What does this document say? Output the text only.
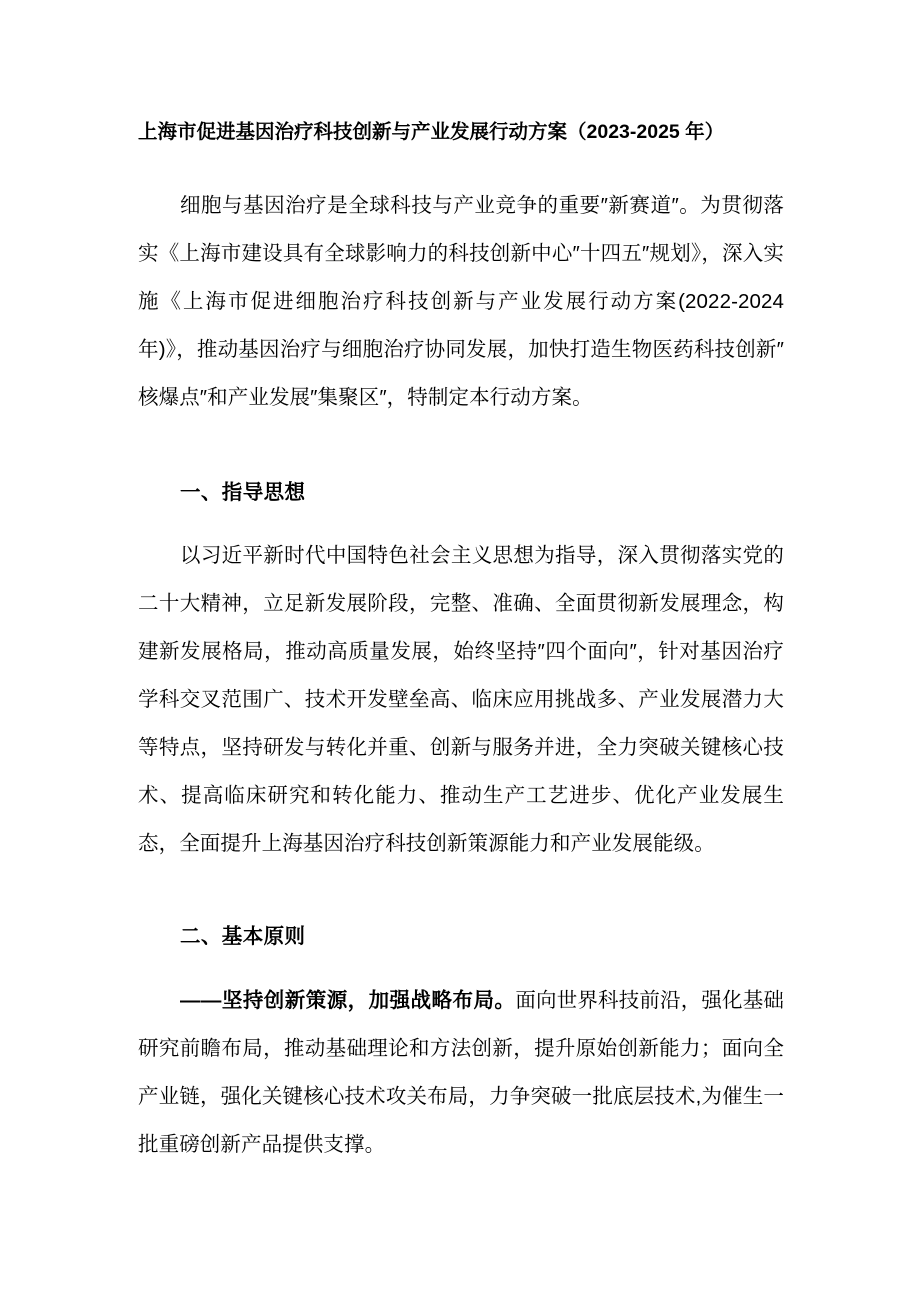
上海市促进基因治疗科技创新与产业发展行动方案（2023-2025 年）

细胞与基因治疗是全球科技与产业竞争的重要″新赛道″。为贯彻落实《上海市建设具有全球影响力的科技创新中心″十四五″规划》，深入实施《上海市促进细胞治疗科技创新与产业发展行动方案(2022-2024 年)》，推动基因治疗与细胞治疗协同发展，加快打造生物医药科技创新″核爆点″和产业发展″集聚区″，特制定本行动方案。

一、指导思想

以习近平新时代中国特色社会主义思想为指导，深入贯彻落实党的二十大精神，立足新发展阶段，完整、准确、全面贯彻新发展理念，构建新发展格局，推动高质量发展，始终坚持″四个面向″，针对基因治疗学科交叉范围广、技术开发壁垒高、临床应用挑战多、产业发展潜力大等特点，坚持研发与转化并重、创新与服务并进，全力突破关键核心技术、提高临床研究和转化能力、推动生产工艺进步、优化产业发展生态，全面提升上海基因治疗科技创新策源能力和产业发展能级。

二、基本原则

——坚持创新策源，加强战略布局。面向世界科技前沿，强化基础研究前瞻布局，推动基础理论和方法创新，提升原始创新能力；面向全产业链，强化关键核心技术攻关布局，力争突破一批底层技术,为催生一批重磅创新产品提供支撑。
